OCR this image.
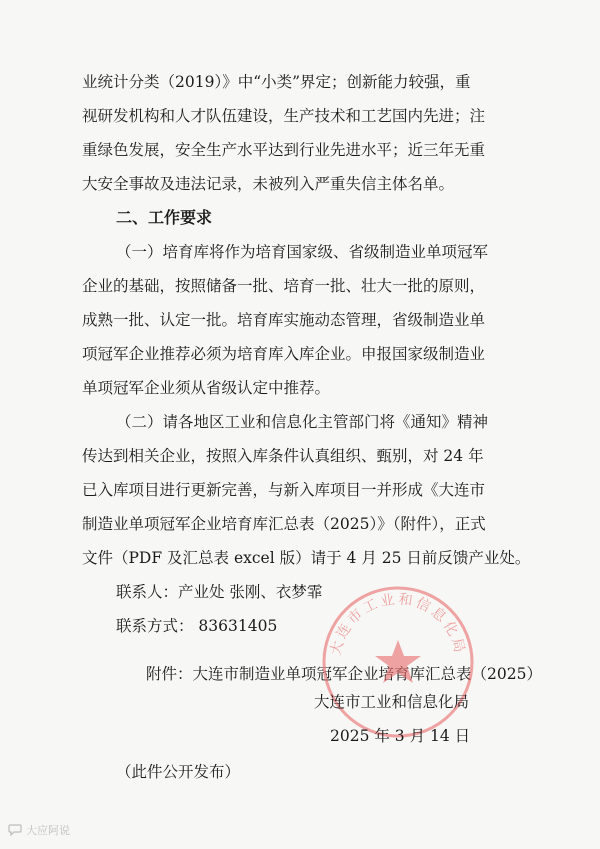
业统计分类（2019）》中“小类”界定；创新能力较强，重
视研发机构和人才队伍建设，生产技术和工艺国内先进；注
重绿色发展，安全生产水平达到行业先进水平；近三年无重
大安全事故及违法记录，未被列入严重失信主体名单。
二、工作要求
（一）培育库将作为培育国家级、省级制造业单项冠军
企业的基础，按照储备一批、培育一批、壮大一批的原则，
成熟一批、认定一批。培育库实施动态管理，省级制造业单
项冠军企业推荐必须为培育库入库企业。申报国家级制造业
单项冠军企业须从省级认定中推荐。
（二）请各地区工业和信息化主管部门将《通知》精神
传达到相关企业，按照入库条件认真组织、甄别，对 24 年
已入库项目进行更新完善，与新入库项目一并形成《大连市
制造业单项冠军企业培育库汇总表（2025）》（附件），正式
文件（PDF 及汇总表 excel 版）请于 4 月 25 日前反馈产业处。
联系人：产业处 张刚、衣梦霏
联系方式： 83631405
附件：大连市制造业单项冠军企业培育库汇总表（2025）
大连市工业和信息化局
大连市工业和信息化局
2025 年 3 月 14 日
（此件公开发布）
大应阿说
